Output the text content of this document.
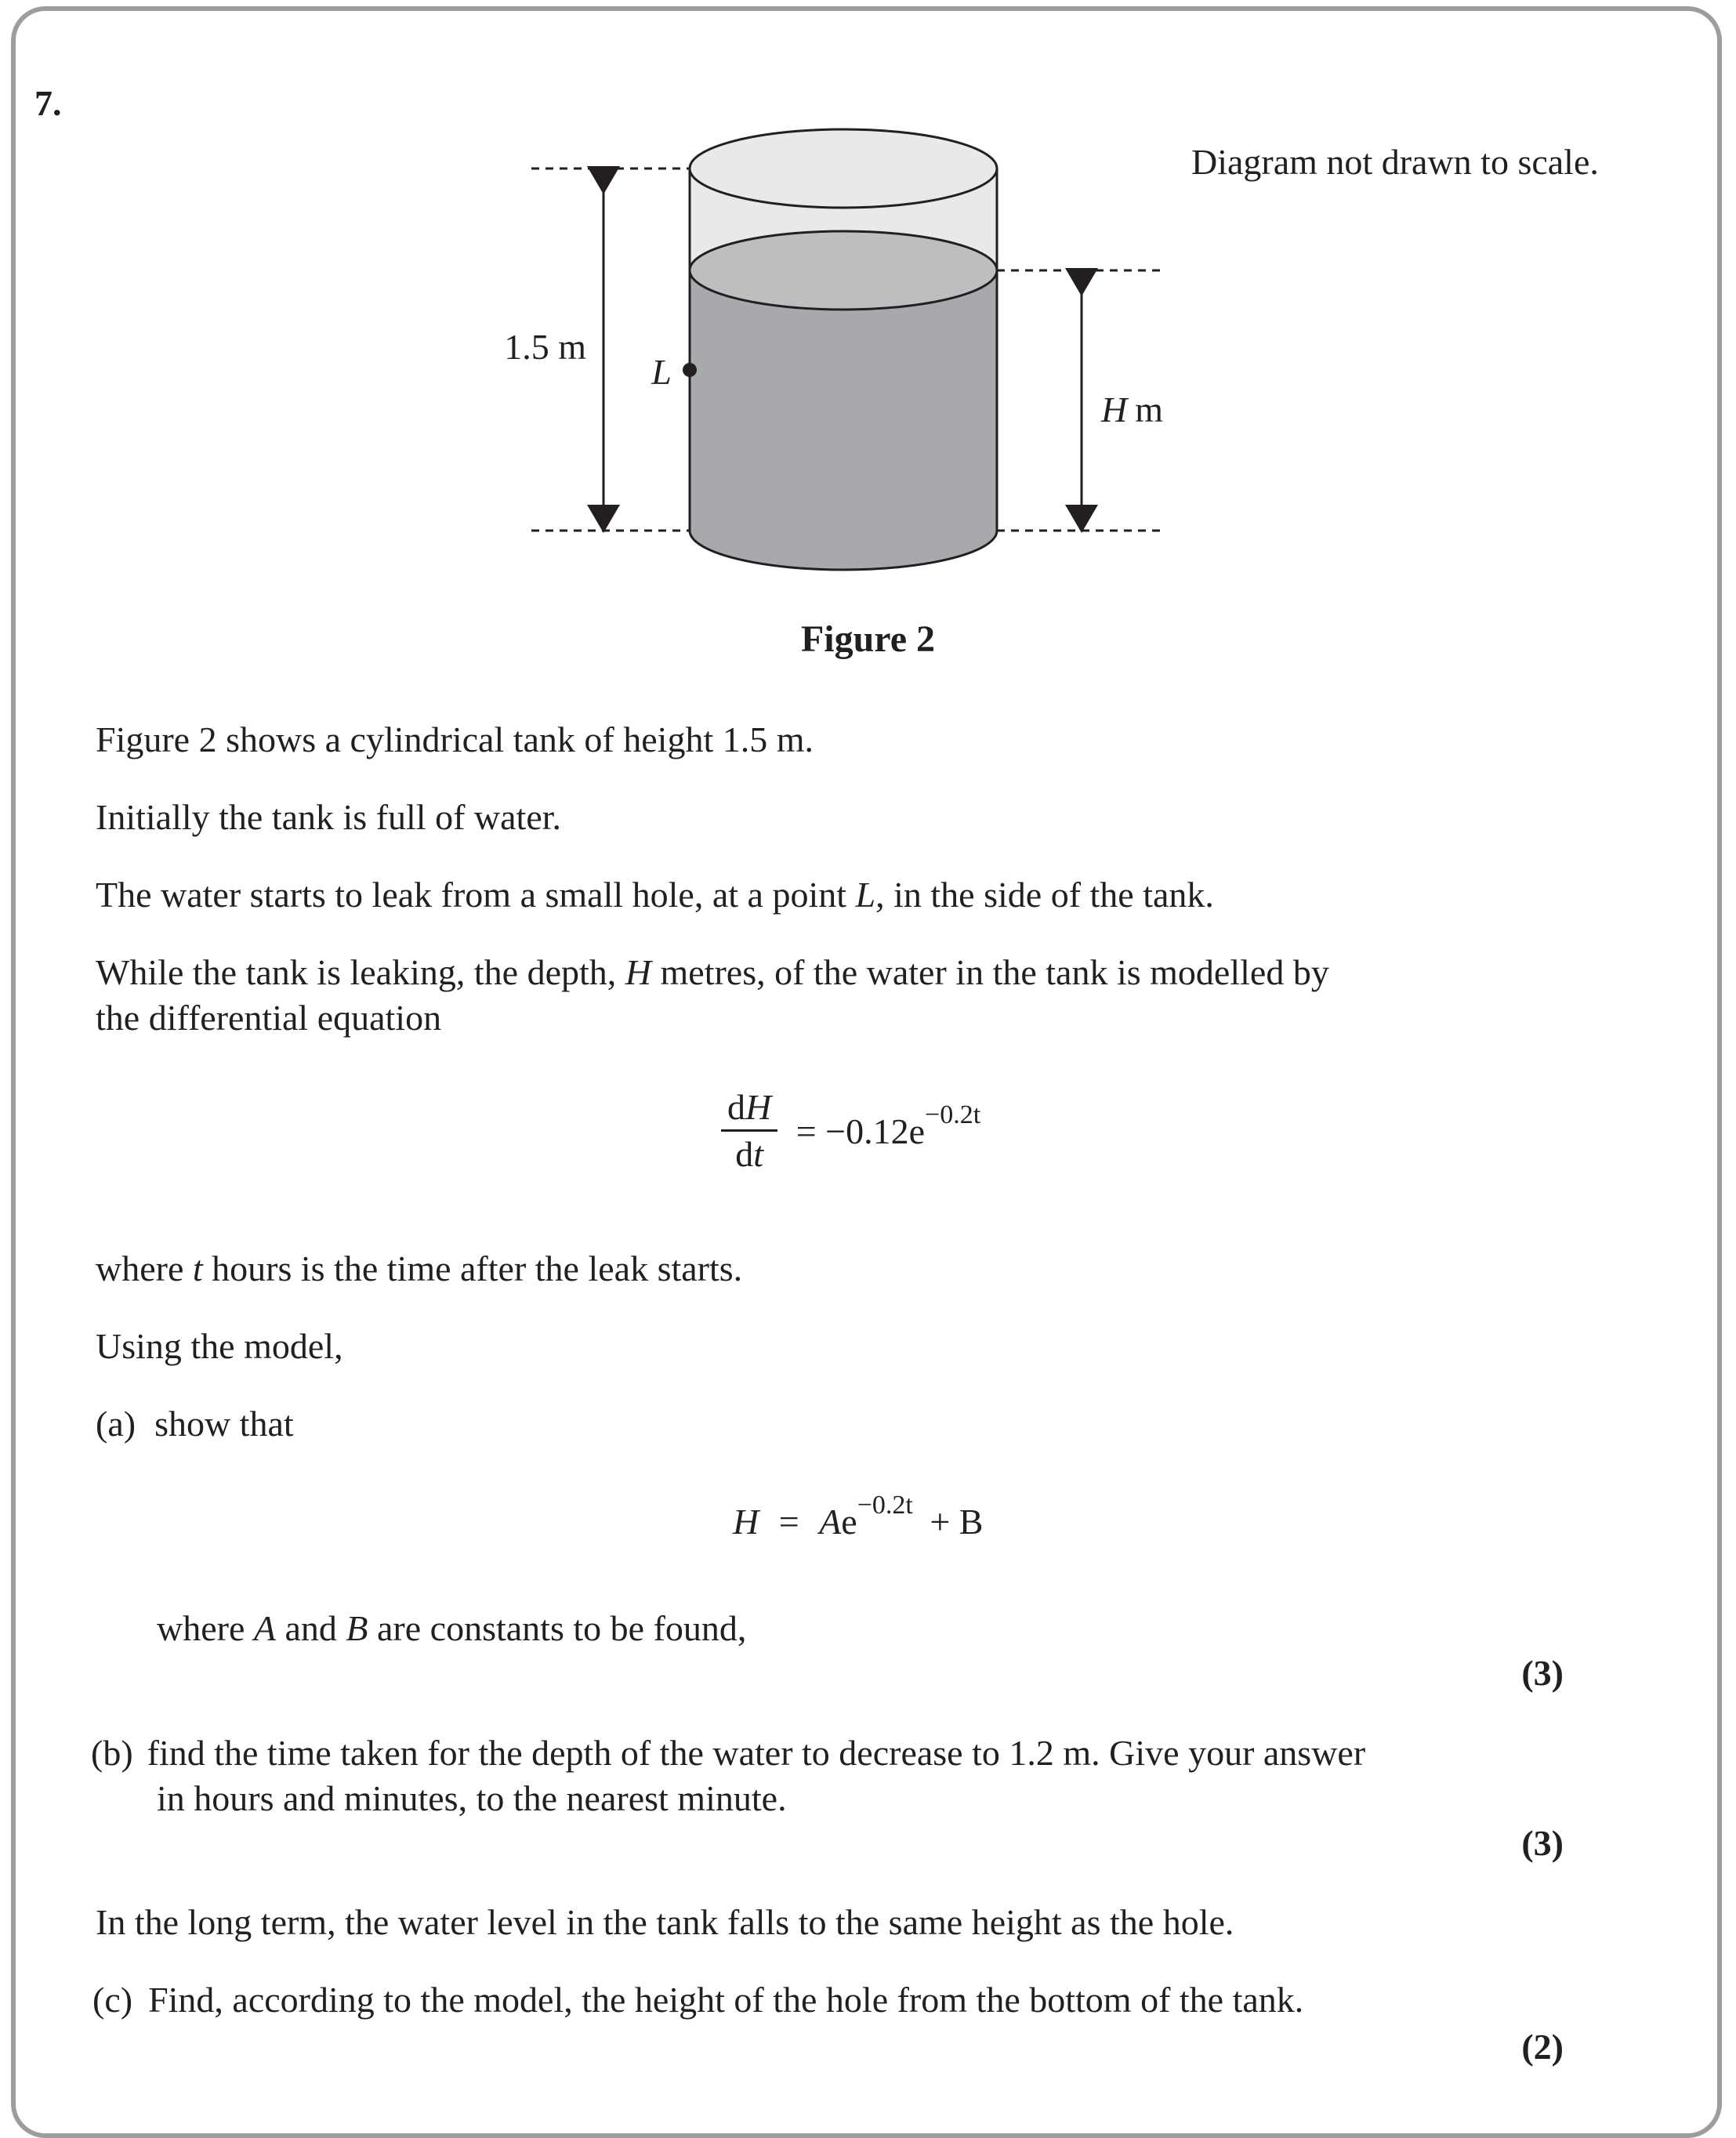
7.
Diagram not drawn to scale.
1.5 m
L
H m
Figure 2
Figure 2 shows a cylindrical tank of height 1.5 m.
Initially the tank is full of water.
The water starts to leak from a small hole, at a point L, in the side of the tank.
While the tank is leaking, the depth, H metres, of the water in the tank is modelled by
the differential equation
$\frac{dH}{dt} = -0.12e^{-0.2t}$
where t hours is the time after the leak starts.
Using the model,
(a) show that
$H = Ae^{-0.2t} + B$
where A and B are constants to be found,
(3)
(b) find the time taken for the depth of the water to decrease to 1.2 m. Give your answer
in hours and minutes, to the nearest minute.
(3)
In the long term, the water level in the tank falls to the same height as the hole.
(c) Find, according to the model, the height of the hole from the bottom of the tank.
(2)
